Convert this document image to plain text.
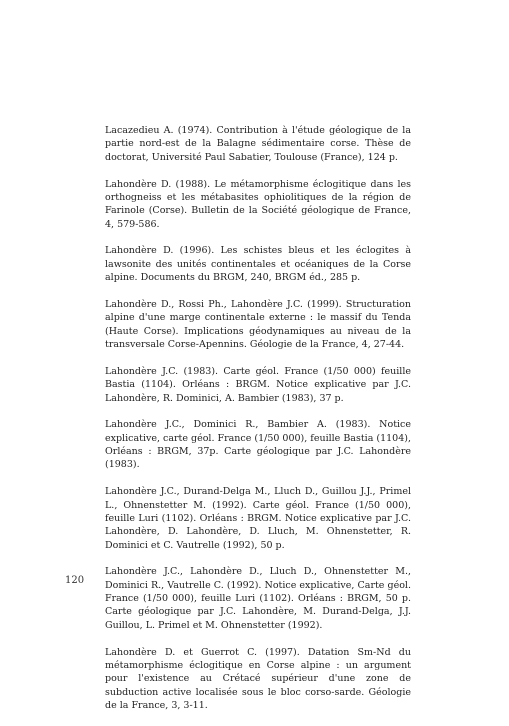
Lacazedieu A. (1974). Contribution à l'étude géologique de la partie nord-est de la Balagne sédimentaire corse. Thèse de doctorat, Université Paul Sabatier, Toulouse (France), 124 p.

Lahondère D. (1988). Le métamorphisme éclogitique dans les orthogneiss et les métabasites ophiolitiques de la région de Farinole (Corse). Bulletin de la Société géologique de France, 4, 579-586.

Lahondère D. (1996). Les schistes bleus et les éclogites à lawsonite des unités continentales et océaniques de la Corse alpine. Documents du BRGM, 240, BRGM éd., 285 p.

Lahondère D., Rossi Ph., Lahondère J.C. (1999). Structuration alpine d'une marge continentale externe : le massif du Tenda (Haute Corse). Implications géodynamiques au niveau de la transversale Corse-Apennins. Géologie de la France, 4, 27-44.

Lahondère J.C. (1983). Carte géol. France (1/50 000) feuille Bastia (1104). Orléans : BRGM. Notice explicative par J.C. Lahondère, R. Dominici, A. Bambier (1983), 37 p.

Lahondère J.C., Dominici R., Bambier A. (1983). Notice explicative, carte géol. France (1/50 000), feuille Bastia (1104), Orléans : BRGM, 37p. Carte géologique par J.C. Lahondère (1983).

Lahondère J.C., Durand-Delga M., Lluch D., Guillou J.J., Primel L., Ohnenstetter M. (1992). Carte géol. France (1/50 000), feuille Luri (1102). Orléans : BRGM. Notice explicative par J.C. Lahondère, D. Lahondère, D. Lluch, M. Ohnenstetter, R. Dominici et C. Vautrelle (1992), 50 p.

Lahondère J.C., Lahondère D., Lluch D., Ohnenstetter M., Dominici R., Vautrelle C. (1992). Notice explicative, Carte géol. France (1/50 000), feuille Luri (1102). Orléans : BRGM, 50 p. Carte géologique par J.C. Lahondère, M. Durand-Delga, J.J. Guillou, L. Primel et M. Ohnenstetter (1992).

Lahondère D. et Guerrot C. (1997). Datation Sm-Nd du métamorphisme éclogitique en Corse alpine : un argument pour l'existence au Crétacé supérieur d'une zone de subduction active localisée sous le bloc corso-sarde. Géologie de la France, 3, 3-11.

120
